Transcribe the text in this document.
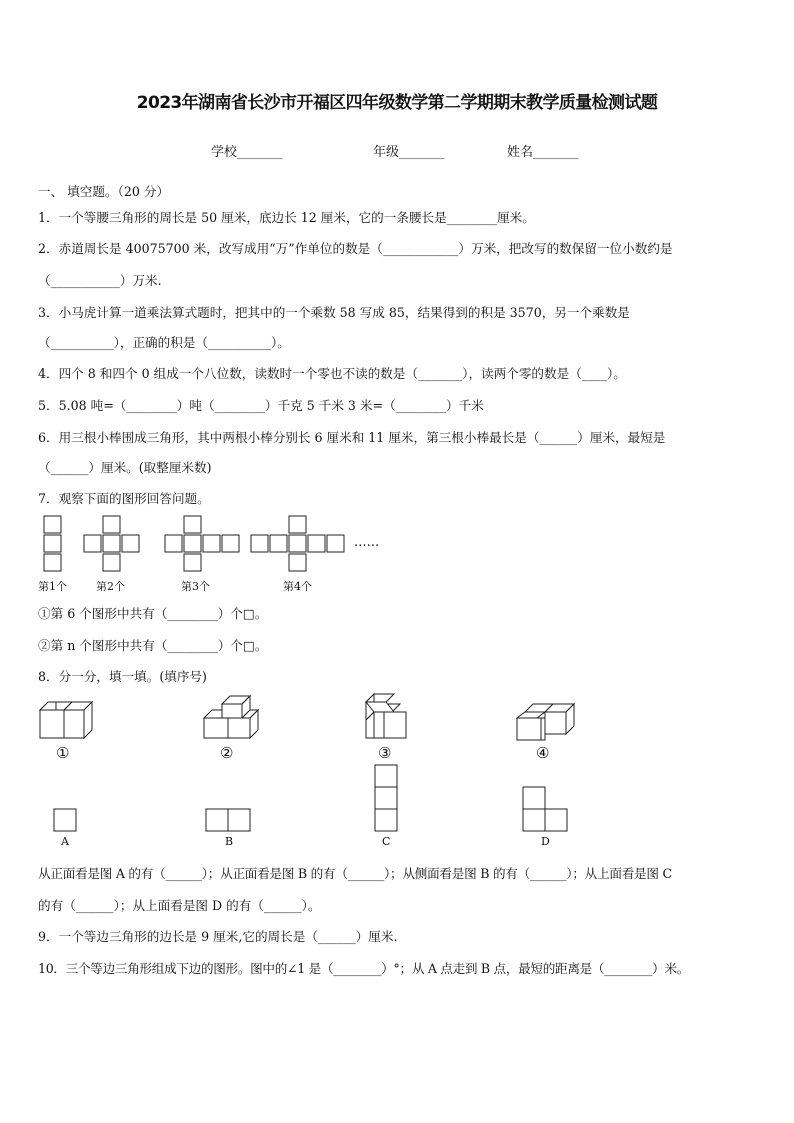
2023年湖南省长沙市开福区四年级数学第二学期期末教学质量检测试题
学校_______	年级_______	姓名_______
一、 填空题。（20 分）
1．一个等腰三角形的周长是 50 厘米，底边长 12 厘米，它的一条腰长是________厘米。
2．赤道周长是 40075700 米，改写成用“万”作单位的数是（____________）万米，把改写的数保留一位小数约是
（___________）万米.
3．小马虎计算一道乘法算式题时，把其中的一个乘数 58 写成 85，结果得到的积是 3570，另一个乘数是
（__________），正确的积是（__________）。
4．四个 8 和四个 0 组成一个八位数，读数时一个零也不读的数是（_______），读两个零的数是（____）。
5．5.08 吨=（________）吨（________）千克 5 千米 3 米=（________）千米
6．用三根小棒围成三角形，其中两根小棒分别长 6 厘米和 11 厘米，第三根小棒最长是（______）厘米，最短是
（______）厘米。(取整厘米数)
7．观察下面的图形回答问题。
……
第1个	第2个	第3个	第4个
①第 6 个图形中共有（________）个□。
②第 n 个图形中共有（________）个□。
8．分一分，填一填。(填序号)
①	②	③	④
A	B	C	D
从正面看是图 A 的有（______）；从正面看是图 B 的有（______）；从侧面看是图 B 的有（______）；从上面看是图 C
的有（______）；从上面看是图 D 的有（______）。
9．一个等边三角形的边长是 9 厘米,它的周长是（______）厘米.
10．三个等边三角形组成下边的图形。图中的∠1 是（________）°；从 A 点走到 B 点，最短的距离是（________）米。
